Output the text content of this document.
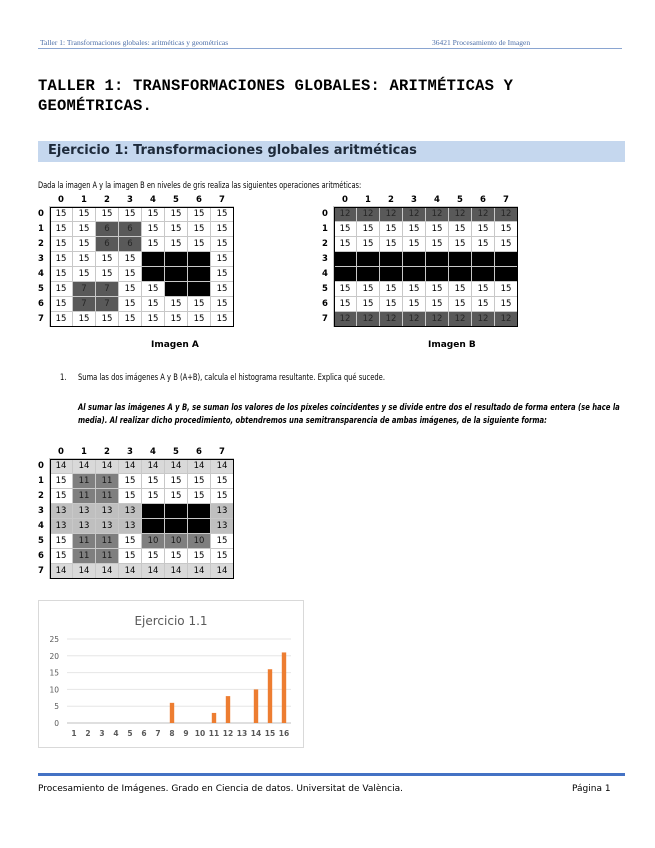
Taller 1: Transformaciones globales: aritméticas y geométricas	36421 Procesamiento de Imagen
TALLER 1: TRANSFORMACIONES GLOBALES: ARITMÉTICAS Y GEOMÉTRICAS.
Ejercicio 1: Transformaciones globales aritméticas
Dada la imagen A y la imagen B en niveles de gris realiza las siguientes operaciones aritméticas:
	0	1	2	3	4	5	6	7
0	15	15	15	15	15	15	15	15
1	15	15	6	6	15	15	15	15
2	15	15	6	6	15	15	15	15
3	15	15	15	15	0	0	0	15
4	15	15	15	15	0	0	0	15
5	15	7	7	15	15	0	0	15
6	15	7	7	15	15	15	15	15
7	15	15	15	15	15	15	15	15
Imagen A
	0	1	2	3	4	5	6	7
0	12	12	12	12	12	12	12	12
1	15	15	15	15	15	15	15	15
2	15	15	15	15	15	15	15	15
3	0	0	0	0	0	0	0	0
4	0	0	0	0	0	0	0	0
5	15	15	15	15	15	15	15	15
6	15	15	15	15	15	15	15	15
7	12	12	12	12	12	12	12	12
Imagen B
1. Suma las dos imágenes A y B (A+B), calcula el histograma resultante. Explica qué sucede.
Al sumar las imágenes A y B, se suman los valores de los píxeles coincidentes y se divide entre dos el resultado de forma entera (se hace la media). Al realizar dicho procedimiento, obtendremos una semitransparencia de ambas imágenes, de la siguiente forma:
	0	1	2	3	4	5	6	7
0	14	14	14	14	14	14	14	14
1	15	11	11	15	15	15	15	15
2	15	11	11	15	15	15	15	15
3	13	13	13	13	0	0	0	13
4	13	13	13	13	0	0	0	13
5	15	11	11	15	10	10	10	15
6	15	11	11	15	15	15	15	15
7	14	14	14	14	14	14	14	14
Ejercicio 1.1
0
5
10
15
20
25
1 2 3 4 5 6 7 8 9 10 11 12 13 14 15 16
Procesamiento de Imágenes. Grado en Ciencia de datos. Universitat de València.	Página 1
